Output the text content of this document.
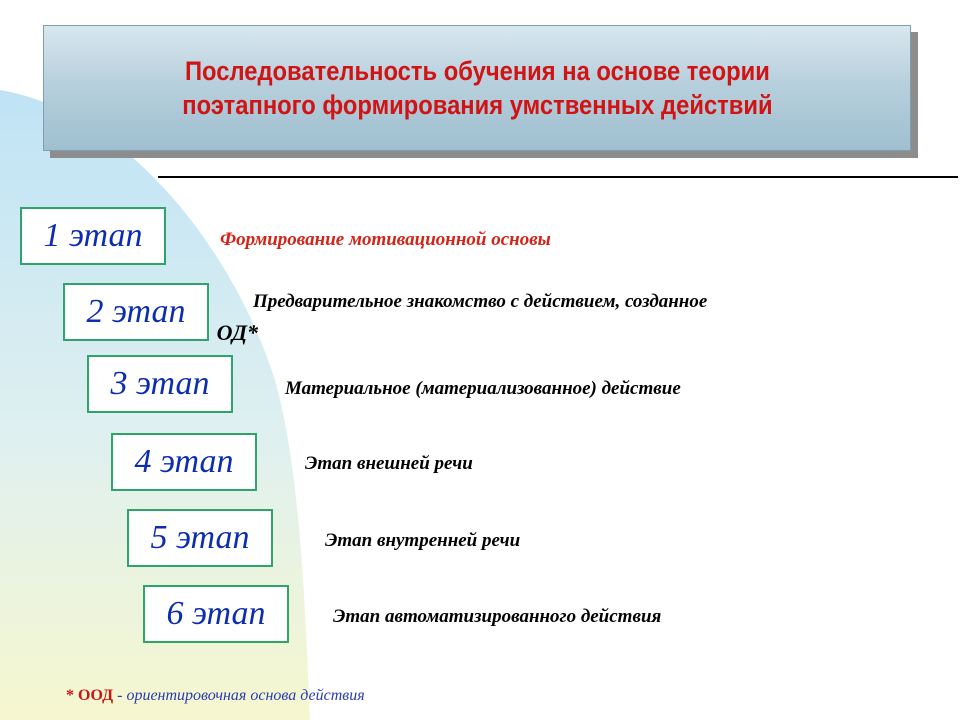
Последовательность обучения на основе теории
поэтапного формирования умственных действий

1 этап	Формирование мотивационной основы
ОД*
2 этап	Предварительное знакомство с действием, созданное
3 этап	Материальное (материализованное) действие
4 этап	Этап внешней речи
5 этап	Этап внутренней речи
6 этап	Этап автоматизированного действия
* ООД - ориентировочная основа действия
